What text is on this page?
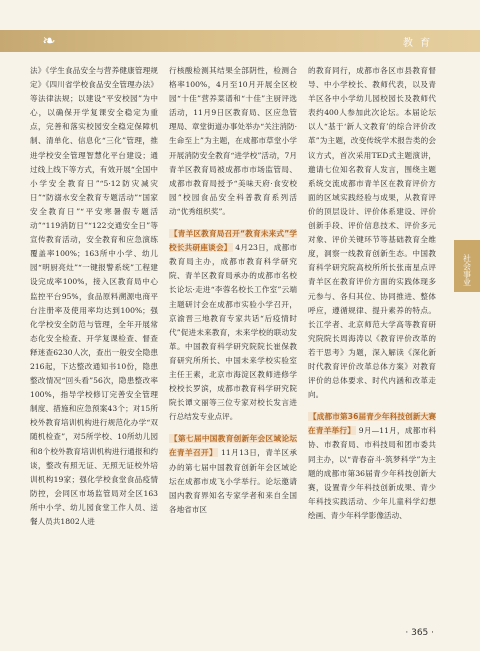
❧	教 育
社会事业

法》《学生食品安全与营养健康管理规定》《四川省学校食品安全管理办法》等法律法规；以建设“平安校园”为中心，以确保开学复课安全稳定为重点，完善和落实校园安全稳定保障机制、清单化、信息化“三化”管理，推进学校安全管理智慧化平台建设；通过线上线下等方式，有效开展“全国中小学安全教育日”“5·12防灾减灾日”“防溺水安全教育专题活动”“国家安全教育日”“平安寒暑假专题活动”“119消防日”“122交通安全日”等宣传教育活动，安全教育和应急演练覆盖率100%；163所中小学、幼儿园“明厨亮灶”“一键报警系统”工程建设完成率100%，接入区教育局中心监控平台95%，食品原料溯源电商平台注册率及使用率均达到100%；强化学校安全防范与管理，全年开展常态化安全检查、开学复课检查、督查释迷查6230人次，查出一般安全隐患216起，下达整改通知书10份，隐患整改情况“回头看”56次，隐患整改率100%，指导学校修订完善安全管理制度、措施和应急预案43个；对15所校外教育培训机构进行规范化办学“双随机检查”，对5所学校、10所幼儿园和8个校外教育培训机构进行通报和约谈，整改有照无证、无照无证校外培训机构19家；强化学校食堂食品疫情防控，会同区市场监管局对全区163所中小学、幼儿园食堂工作人员、送餐人员共1802人进

行核酸检测其结果全部阴性，检测合格率100%，4月至10月开展全区校园“十佳”营养菜谱和“十佳”主厨评选活动，11月9日区教育局、区应急管理局、章堂街道办事处举办“关注消防·生命至上”为主题，在成都市草堂小学开展消防安全教育“进学校”活动，7月青羊区教育局被成都市市场监管局、成都市教育局授予“美味天府·食安校园”校园食品安全科普教育系列活动“优秀组织奖”。

【青羊区教育局召开“教育未来式”学校长共研座谈会】 4月23日，成都市教育局主办，成都市教育科学研究院、青羊区教育局承办的成都市名校长论坛·走进“李蓉名校长工作室”云端主题研讨会在成都市实验小学召开，京渝晋三地教育专家共话“后疫情时代”促进未来教育，未来学校的联动发革。中国教育科学研究院院长崔保教育研究所所长、中国未来学校实验室主任王素，北京市海淀区教师进修学校校长罗滨，成都市教育科学研究院院长谭文丽等三位专家对校长发言进行总结发专业点评。

【第七届中国教育创新年会区域论坛在青羊召开】 11月13日，青羊区承办的第七届中国教育创新年会区域论坛在成都市成飞小学举行。论坛邀请国内教育界知名专家学者和来自全国各地省市区

的教育同行，成都市各区市县教育督导、中小学校长、教师代表，以及青羊区各中小学幼儿园校园长及教师代表约400人参加此次论坛。本届论坛以人“基于‘新人文教育’的综合评价改革”为主题，改变传统学术报告类的会议方式，首次采用TED式主题演讲，邀请七位知名教育人发言，围绕主题系统交流成都市青羊区在教育评价方面的区域实践经验与成果，从教育评价的顶层设计、评价体系建设、评价创新手段、评价信息技术、评价多元对象、评价关键环节等基础教育全维度，洞察一线教育创新生态。中国教育科学研究院高校所所长张南星点评青羊区在教育评价方面的实践体现多元参与、各归其位、协同推进、整体呼应，遵循规律、提升素养的特点。长江学者、北京师范大学高等教育研究院院长周海涛以《教育评价改革的若干思考》为题，深入解读《深化新时代教育评价改革总体方案》对教育评价的总体要求、时代内涵和改革走向。

【成都市第36届青少年科技创新大赛在青羊举行】 9月—11月，成都市科协、市教育局、市科技局和团市委共同主办，以“青春奋斗·筑梦科学”为主题的成都市第36届青少年科技创新大赛，设置青少年科技创新成果、青少年科技实践活动、少年儿童科学幻想绘画、青少年科学影像活动、

· 365 ·
